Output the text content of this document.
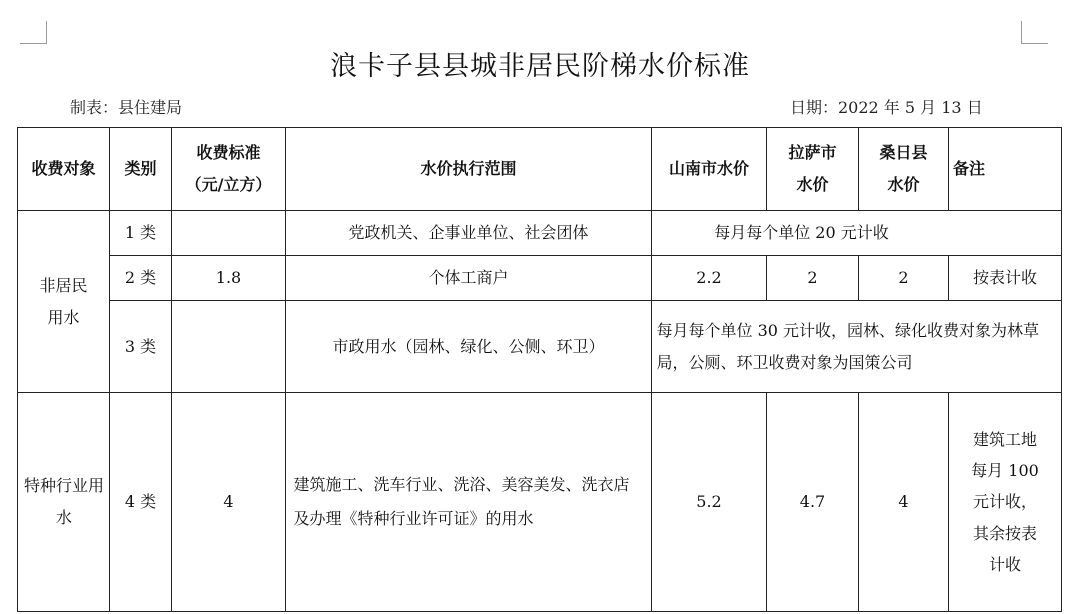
浪卡子县县城非居民阶梯水价标准
制表：县住建局	日期：2022 年 5 月 13 日
收费对象	类别	收费标准（元/立方）	水价执行范围	山南市水价	拉萨市水价	桑日县水价	备注
非居民用水	1 类		党政机关、企事业单位、社会团体	每月每个单位 20 元计收			
	2 类	1.8	个体工商户	2.2	2	2	按表计收
	3 类		市政用水（园林、绿化、公侧、环卫）	每月每个单位 30 元计收，园林、绿化收费对象为林草局，公厕、环卫收费对象为国策公司			
特种行业用水	4 类	4	建筑施工、洗车行业、洗浴、美容美发、洗衣店及办理《特种行业许可证》的用水	5.2	4.7	4	建筑工地每月 100 元计收，其余按表计收
